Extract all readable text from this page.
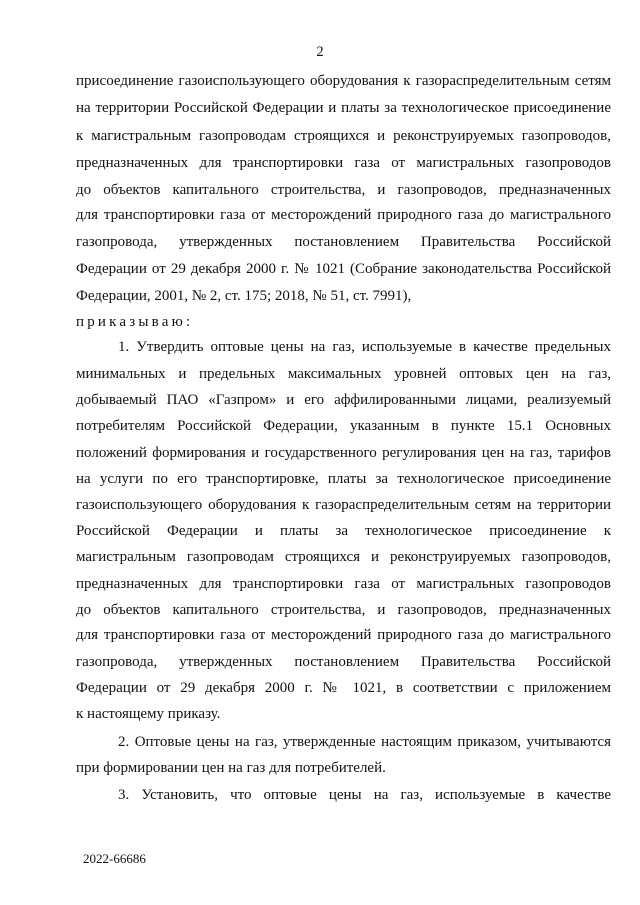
2
присоединение газоиспользующего оборудования к газораспределительным сетям
на территории Российской Федерации и платы за технологическое присоединение
к магистральным газопроводам строящихся и реконструируемых газопроводов,
предназначенных для транспортировки газа от магистральных газопроводов
до объектов капитального строительства, и газопроводов, предназначенных
для транспортировки газа от месторождений природного газа до магистрального
газопровода, утвержденных постановлением Правительства Российской
Федерации от 29 декабря 2000 г. № 1021 (Собрание законодательства Российской
Федерации, 2001, № 2, ст. 175; 2018, № 51, ст. 7991),
приказываю:
1. Утвердить оптовые цены на газ, используемые в качестве предельных
минимальных и предельных максимальных уровней оптовых цен на газ,
добываемый ПАО «Газпром» и его аффилированными лицами, реализуемый
потребителям Российской Федерации, указанным в пункте 15.1 Основных
положений формирования и государственного регулирования цен на газ, тарифов
на услуги по его транспортировке, платы за технологическое присоединение
газоиспользующего оборудования к газораспределительным сетям на территории
Российской Федерации и платы за технологическое присоединение к
магистральным газопроводам строящихся и реконструируемых газопроводов,
предназначенных для транспортировки газа от магистральных газопроводов
до объектов капитального строительства, и газопроводов, предназначенных
для транспортировки газа от месторождений природного газа до магистрального
газопровода, утвержденных постановлением Правительства Российской
Федерации от 29 декабря 2000 г. № 1021, в соответствии с приложением
к настоящему приказу.
2. Оптовые цены на газ, утвержденные настоящим приказом, учитываются
при формировании цен на газ для потребителей.
3. Установить, что оптовые цены на газ, используемые в качестве
2022-66686
